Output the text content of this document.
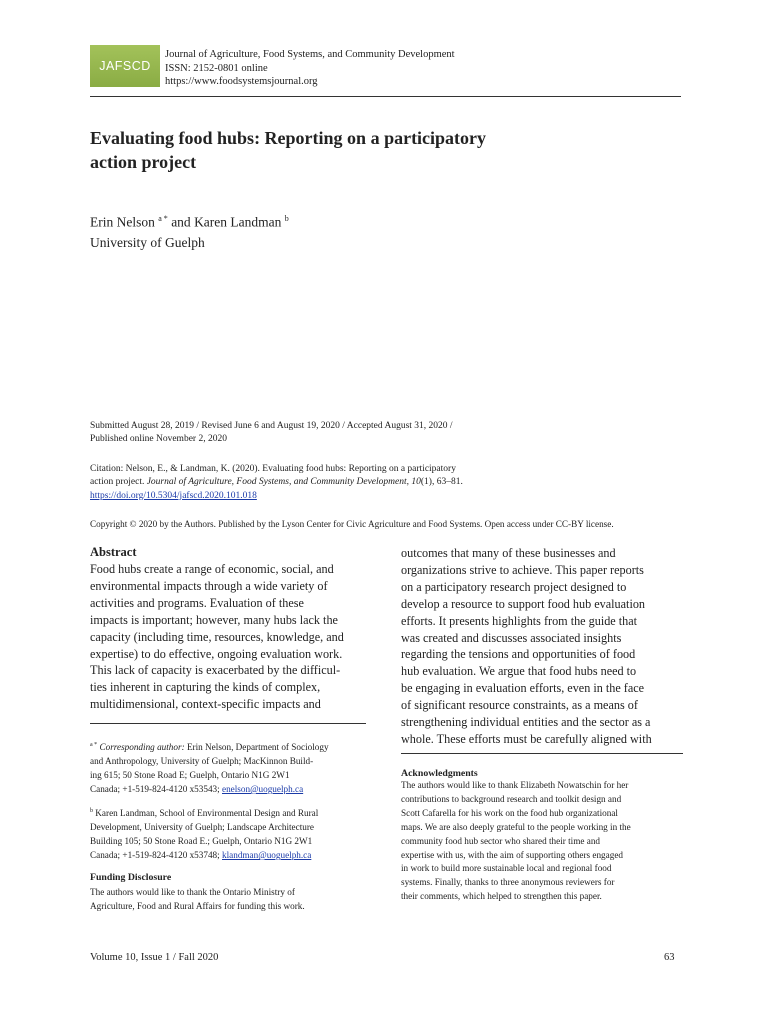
JAFSCD
Journal of Agriculture, Food Systems, and Community Development
ISSN: 2152-0801 online
https://www.foodsystemsjournal.org
Evaluating food hubs: Reporting on a participatory
action project
Erin Nelson $^{a *}$ and Karen Landman $^b$
University of Guelph
Submitted August 28, 2019 / Revised June 6 and August 19, 2020 / Accepted August 31, 2020 /
Published online November 2, 2020
Citation: Nelson, E., & Landman, K. (2020). Evaluating food hubs: Reporting on a participatory
action project. Journal of Agriculture, Food Systems, and Community Development, 10(1), 63–81.
https://doi.org/10.5304/jafscd.2020.101.018
Copyright © 2020 by the Authors. Published by the Lyson Center for Civic Agriculture and Food Systems. Open access under CC-BY license.
Abstract
Food hubs create a range of economic, social, and
environmental impacts through a wide variety of
activities and programs. Evaluation of these
impacts is important; however, many hubs lack the
capacity (including time, resources, knowledge, and
expertise) to do effective, ongoing evaluation work.
This lack of capacity is exacerbated by the difficul-
ties inherent in capturing the kinds of complex,
multidimensional, context-specific impacts and
$^{a *}$ Corresponding author: Erin Nelson, Department of Sociology
and Anthropology, University of Guelph; MacKinnon Build-
ing 615; 50 Stone Road E; Guelph, Ontario N1G 2W1
Canada; +1-519-824-4120 x53543; enelson@uoguelph.ca
$^b$ Karen Landman, School of Environmental Design and Rural
Development, University of Guelph; Landscape Architecture
Building 105; 50 Stone Road E.; Guelph, Ontario N1G 2W1
Canada; +1-519-824-4120 x53748; klandman@uoguelph.ca
Funding Disclosure
The authors would like to thank the Ontario Ministry of
Agriculture, Food and Rural Affairs for funding this work.
outcomes that many of these businesses and
organizations strive to achieve. This paper reports
on a participatory research project designed to
develop a resource to support food hub evaluation
efforts. It presents highlights from the guide that
was created and discusses associated insights
regarding the tensions and opportunities of food
hub evaluation. We argue that food hubs need to
be engaging in evaluation efforts, even in the face
of significant resource constraints, as a means of
strengthening individual entities and the sector as a
whole. These efforts must be carefully aligned with
Acknowledgments
The authors would like to thank Elizabeth Nowatschin for her
contributions to background research and toolkit design and
Scott Cafarella for his work on the food hub organizational
maps. We are also deeply grateful to the people working in the
community food hub sector who shared their time and
expertise with us, with the aim of supporting others engaged
in work to build more sustainable local and regional food
systems. Finally, thanks to three anonymous reviewers for
their comments, which helped to strengthen this paper.
Volume 10, Issue 1 / Fall 2020	63
